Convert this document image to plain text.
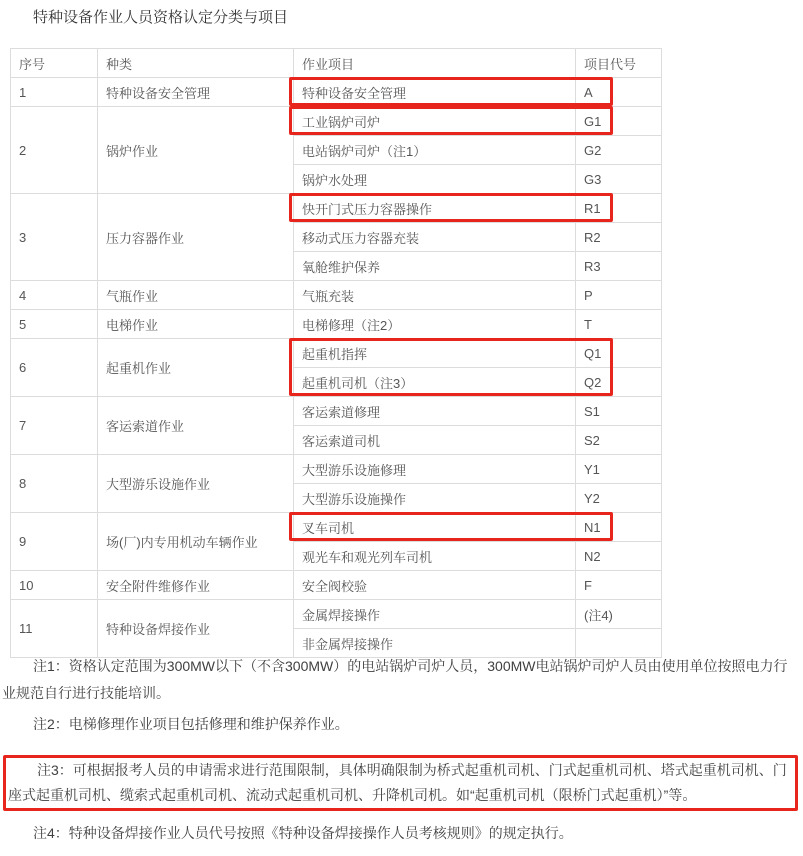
特种设备作业人员资格认定分类与项目
序号	种类	作业项目	项目代号
1	特种设备安全管理	特种设备安全管理	A
2	锅炉作业	工业锅炉司炉	G1
		电站锅炉司炉（注1）	G2
		锅炉水处理	G3
3	压力容器作业	快开门式压力容器操作	R1
		移动式压力容器充装	R2
		氧舱维护保养	R3
4	气瓶作业	气瓶充装	P
5	电梯作业	电梯修理（注2）	T
6	起重机作业	起重机指挥	Q1
		起重机司机（注3）	Q2
7	客运索道作业	客运索道修理	S1
		客运索道司机	S2
8	大型游乐设施作业	大型游乐设施修理	Y1
		大型游乐设施操作	Y2
9	场(厂)内专用机动车辆作业	叉车司机	N1
		观光车和观光列车司机	N2
10	安全附件维修作业	安全阀校验	F
11	特种设备焊接作业	金属焊接操作	(注4)
		非金属焊接操作	
注1：资格认定范围为300MW以下（不含300MW）的电站锅炉司炉人员，300MW电站锅炉司炉人员由使用单位按照电力行业规范自行进行技能培训。
注2：电梯修理作业项目包括修理和维护保养作业。
注3：可根据报考人员的申请需求进行范围限制，具体明确限制为桥式起重机司机、门式起重机司机、塔式起重机司机、门座式起重机司机、缆索式起重机司机、流动式起重机司机、升降机司机。如“起重机司机（限桥门式起重机）”等。
注4：特种设备焊接作业人员代号按照《特种设备焊接操作人员考核规则》的规定执行。
